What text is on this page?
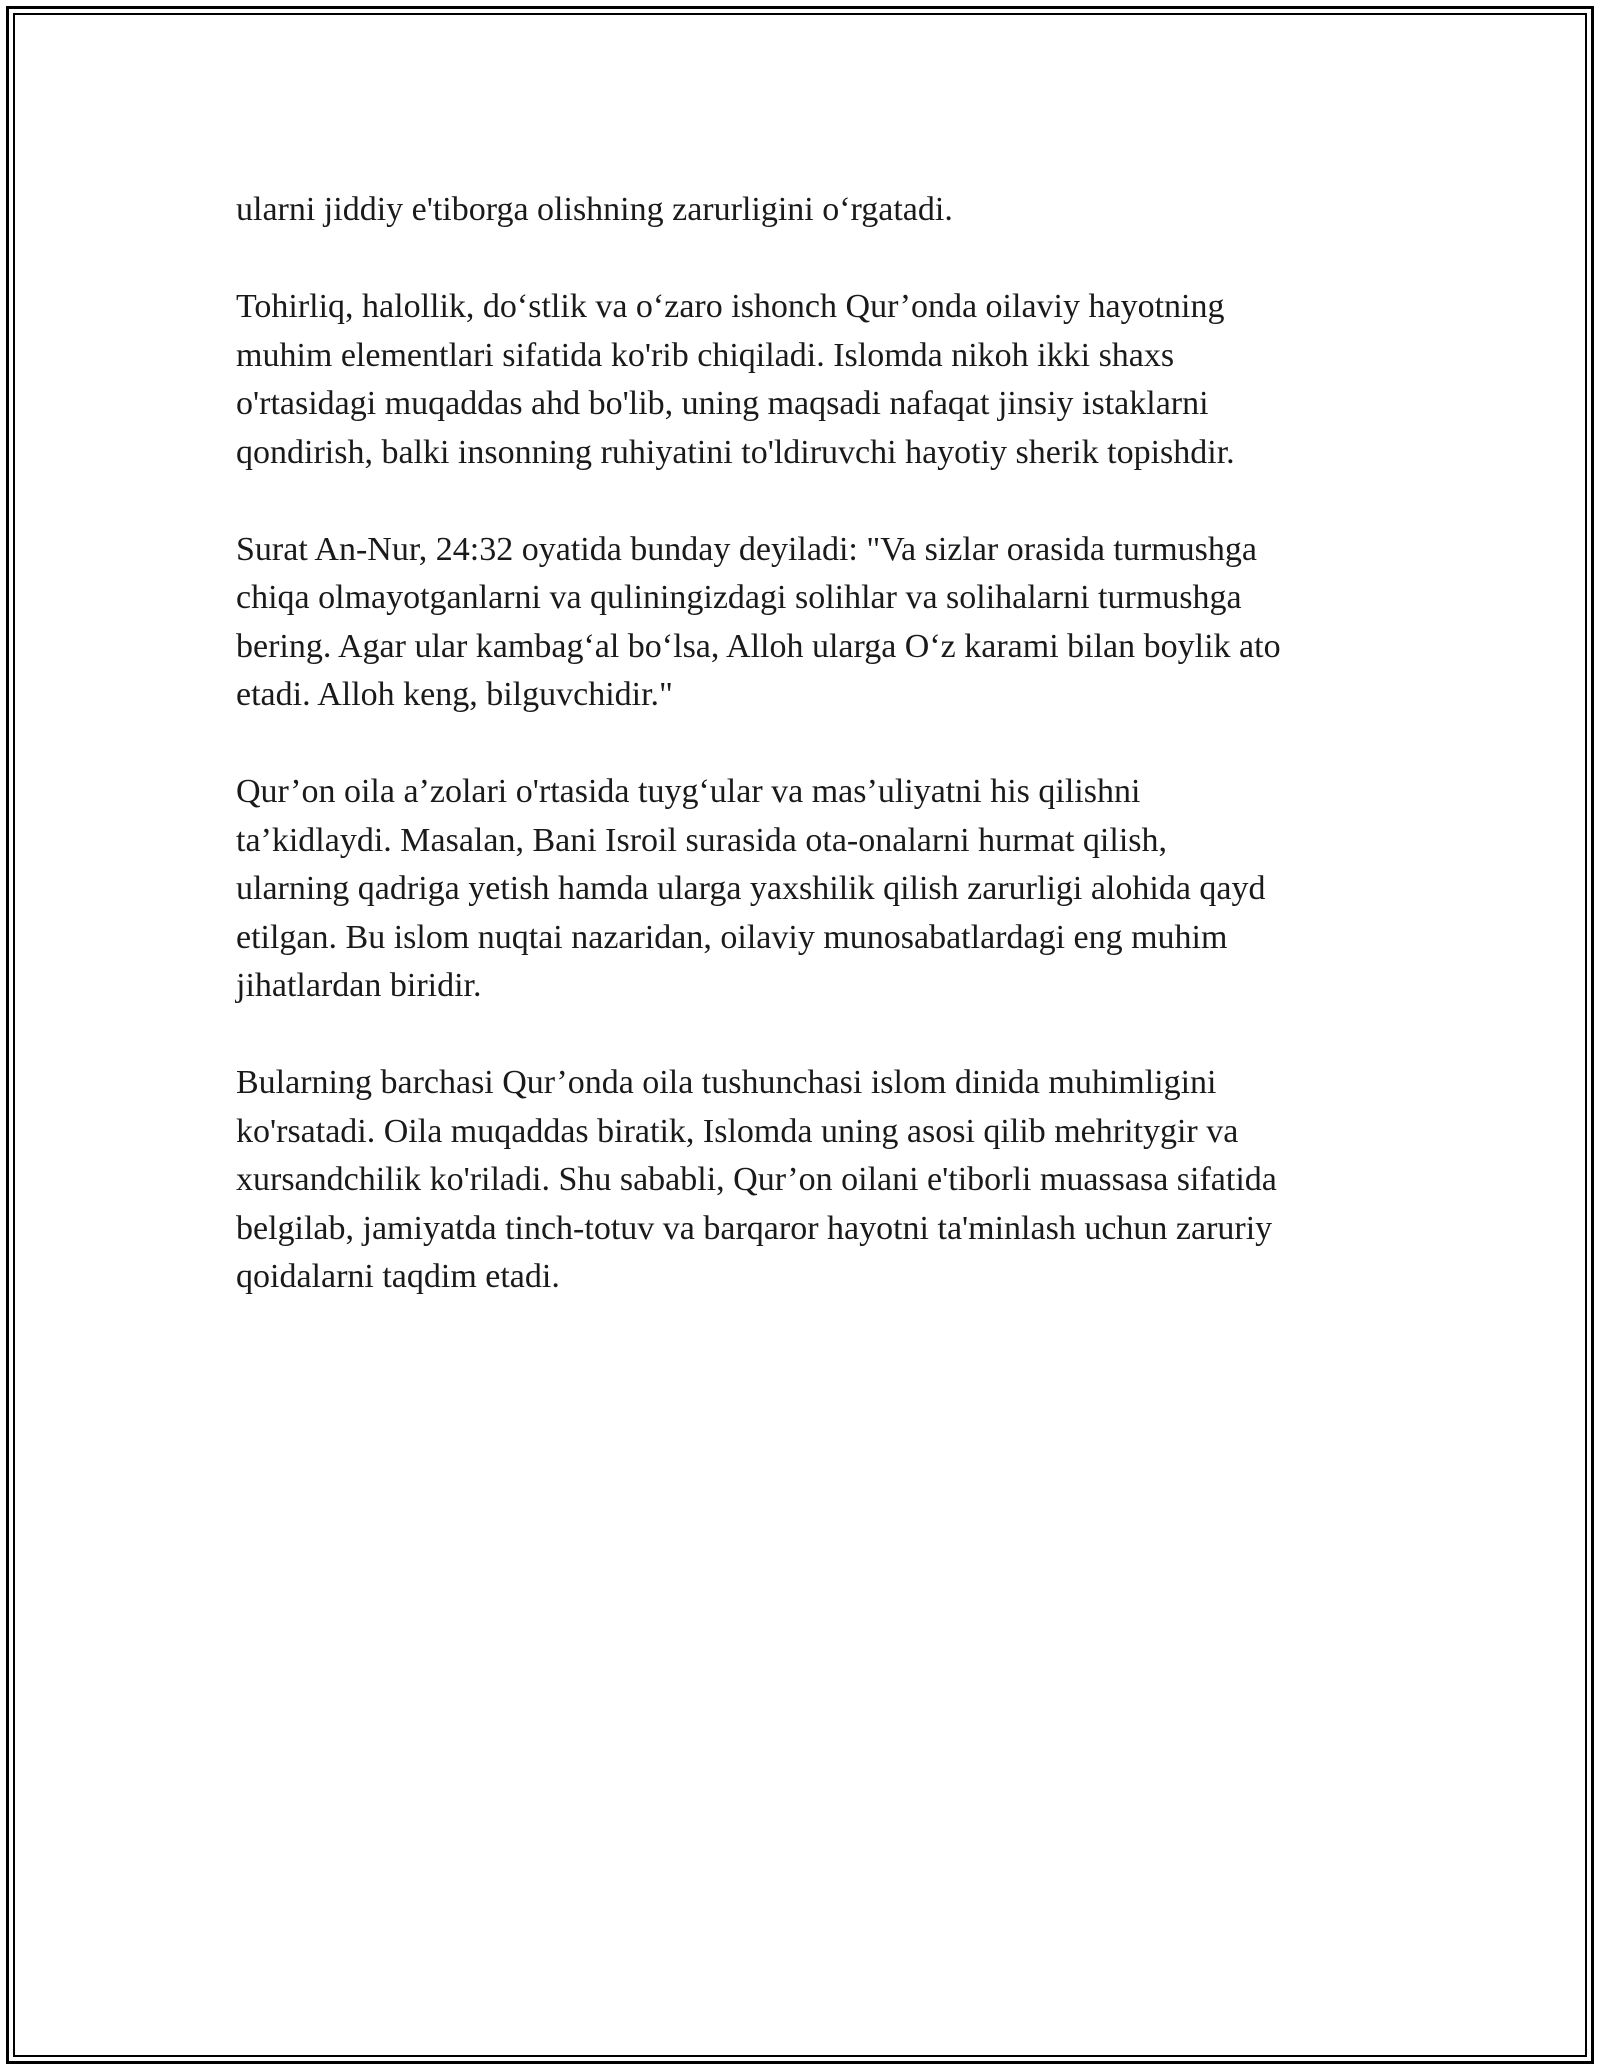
ularni jiddiy e'tiborga olishning zarurligini o‘rgatadi.

Tohirliq, halollik, do‘stlik va o‘zaro ishonch Qur’onda oilaviy hayotning
muhim elementlari sifatida ko'rib chiqiladi. Islomda nikoh ikki shaxs
o'rtasidagi muqaddas ahd bo'lib, uning maqsadi nafaqat jinsiy istaklarni
qondirish, balki insonning ruhiyatini to'ldiruvchi hayotiy sherik topishdir.

Surat An-Nur, 24:32 oyatida bunday deyiladi: "Va sizlar orasida turmushga
chiqa olmayotganlarni va quliningizdagi solihlar va solihalarni turmushga
bering. Agar ular kambag‘al bo‘lsa, Alloh ularga O‘z karami bilan boylik ato
etadi. Alloh keng, bilguvchidir."

Qur’on oila a’zolari o'rtasida tuyg‘ular va mas’uliyatni his qilishni
ta’kidlaydi. Masalan, Bani Isroil surasida ota-onalarni hurmat qilish,
ularning qadriga yetish hamda ularga yaxshilik qilish zarurligi alohida qayd
etilgan. Bu islom nuqtai nazaridan, oilaviy munosabatlardagi eng muhim
jihatlardan biridir.

Bularning barchasi Qur’onda oila tushunchasi islom dinida muhimligini
ko'rsatadi. Oila muqaddas biratik, Islomda uning asosi qilib mehritygir va
xursandchilik ko'riladi. Shu sababli, Qur’on oilani e'tiborli muassasa sifatida
belgilab, jamiyatda tinch-totuv va barqaror hayotni ta'minlash uchun zaruriy
qoidalarni taqdim etadi.
